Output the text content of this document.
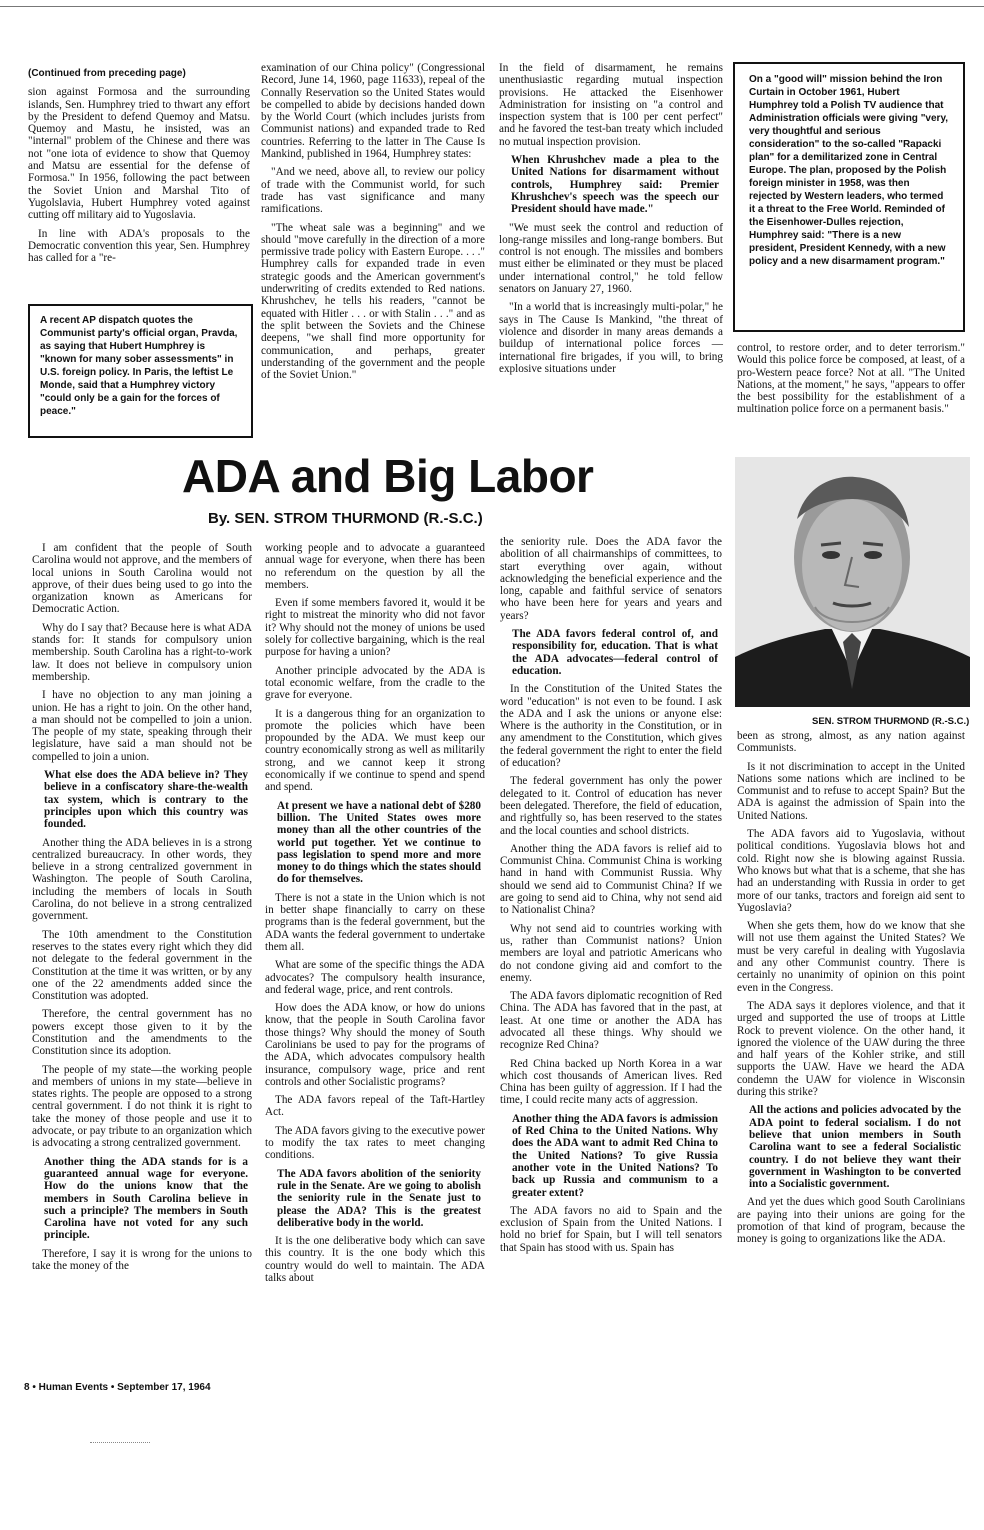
(Continued from preceding page)

sion against Formosa and the surrounding islands, Sen. Humphrey tried to thwart any effort by the President to defend Quemoy and Matsu. Quemoy and Mastu, he insisted, was an "internal" problem of the Chinese and there was not "one iota of evidence to show that Quemoy and Matsu are essential for the defense of Formosa." In 1956, following the pact between the Soviet Union and Marshal Tito of Yugolslavia, Hubert Humphrey voted against cutting off military aid to Yugoslavia.

In line with ADA's proposals to the Democratic convention this year, Sen. Humphrey has called for a "re-

A recent AP dispatch quotes the Communist party's official organ, Pravda, as saying that Hubert Humphrey is "known for many sober assessments" in U.S. foreign policy. In Paris, the leftist Le Monde, said that a Humphrey victory "could only be a gain for the forces of peace."

examination of our China policy" (Congressional Record, June 14, 1960, page 11633), repeal of the Connally Reservation so the United States would be compelled to abide by decisions handed down by the World Court (which includes jurists from Communist nations) and expanded trade to Red countries. Referring to the latter in The Cause Is Mankind, published in 1964, Humphrey states:

"And we need, above all, to review our policy of trade with the Communist world, for such trade has vast significance and many ramifications.

"The wheat sale was a beginning" and we should "move carefully in the direction of a more permissive trade policy with Eastern Europe. . . ." Humphrey calls for expanded trade in even strategic goods and the American government's underwriting of credits extended to Red nations. Khrushchev, he tells his readers, "cannot be equated with Hitler . . . or with Stalin . . ." and as the split between the Soviets and the Chinese deepens, "we shall find more opportunity for communication, and perhaps, greater understanding of the government and the people of the Soviet Union."

In the field of disarmament, he remains unenthusiastic regarding mutual inspection provisions. He attacked the Eisenhower Administration for insisting on "a control and inspection system that is 100 per cent perfect" and he favored the test-ban treaty which included no mutual inspection provision.

When Khrushchev made a plea to the United Nations for disarmament without controls, Humphrey said: Premier Khrushchev's speech was the speech our President should have made."

"We must seek the control and reduction of long-range missiles and long-range bombers. But control is not enough. The missiles and bombers must either be eliminated or they must be placed under international control," he told fellow senators on January 27, 1960.

"In a world that is increasingly multi-polar," he says in The Cause Is Mankind, "the threat of violence and disorder in many areas demands a buildup of international police forces —international fire brigades, if you will, to bring explosive situations under

On a "good will" mission behind the Iron Curtain in October 1961, Hubert Humphrey told a Polish TV audience that Administration officials were giving "very, very thoughtful and serious consideration" to the so-called "Rapacki plan" for a demilitarized zone in Central Europe. The plan, proposed by the Polish foreign minister in 1958, was then rejected by Western leaders, who termed it a threat to the Free World. Reminded of the Eisenhower-Dulles rejection, Humphrey said: "There is a new president, President Kennedy, with a new policy and a new disarmament program."

control, to restore order, and to deter terrorism." Would this police force be composed, at least, of a pro-Western peace force? Not at all. "The United Nations, at the moment," he says, "appears to offer the best possibility for the establishment of a multination police force on a permanent basis."

ADA and Big Labor
By. SEN. STROM THURMOND (R.-S.C.)
SEN. STROM THURMOND (R.-S.C.)

I am confident that the people of South Carolina would not approve, and the members of local unions in South Carolina would not approve, of their dues being used to go into the organization known as Americans for Democratic Action.

Why do I say that? Because here is what ADA stands for: It stands for compulsory union membership. South Carolina has a right-to-work law. It does not believe in compulsory union membership.

I have no objection to any man joining a union. He has a right to join. On the other hand, a man should not be compelled to join a union. The people of my state, speaking through their legislature, have said a man should not be compelled to join a union.

What else does the ADA believe in? They believe in a confiscatory share-the-wealth tax system, which is contrary to the principles upon which this country was founded.

Another thing the ADA believes in is a strong centralized bureaucracy. In other words, they believe in a strong centralized government in Washington. The people of South Carolina, including the members of locals in South Carolina, do not believe in a strong centralized government.

The 10th amendment to the Constitution reserves to the states every right which they did not delegate to the federal government in the Constitution at the time it was written, or by any one of the 22 amendments added since the Constitution was adopted.

Therefore, the central government has no powers except those given to it by the Constitution and the amendments to the Constitution since its adoption.

The people of my state—the working people and members of unions in my state—believe in states rights. The people are opposed to a strong central government. I do not think it is right to take the money of those people and use it to advocate, or pay tribute to an organization which is advocating a strong centralized government.

Another thing the ADA stands for is a guaranteed annual wage for everyone. How do the unions know that the members in South Carolina believe in such a principle? The members in South Carolina have not voted for any such principle.

Therefore, I say it is wrong for the unions to take the money of the

working people and to advocate a guaranteed annual wage for everyone, when there has been no referendum on the question by all the members.

Even if some members favored it, would it be right to mistreat the minority who did not favor it? Why should not the money of unions be used solely for collective bargaining, which is the real purpose for having a union?

Another principle advocated by the ADA is total economic welfare, from the cradle to the grave for everyone.

It is a dangerous thing for an organization to promote the policies which have been propounded by the ADA. We must keep our country economically strong as well as militarily strong, and we cannot keep it strong economically if we continue to spend and spend and spend.

At present we have a national debt of $280 billion. The United States owes more money than all the other countries of the world put together. Yet we continue to pass legislation to spend more and more money to do things which the states should do for themselves.

There is not a state in the Union which is not in better shape financially to carry on these programs than is the federal government, but the ADA wants the federal government to undertake them all.

What are some of the specific things the ADA advocates? The compulsory health insurance, and federal wage, price, and rent controls.

How does the ADA know, or how do unions know, that the people in South Carolina favor those things? Why should the money of South Carolinians be used to pay for the programs of the ADA, which advocates compulsory health insurance, compulsory wage, price and rent controls and other Socialistic programs?

The ADA favors repeal of the Taft-Hartley Act.

The ADA favors giving to the executive power to modify the tax rates to meet changing conditions.

The ADA favors abolition of the seniority rule in the Senate. Are we going to abolish the seniority rule in the Senate just to please the ADA? This is the greatest deliberative body in the world.

It is the one deliberative body which can save this country. It is the one body which this country would do well to maintain. The ADA talks about

the seniority rule. Does the ADA favor the abolition of all chairmanships of committees, to start everything over again, without acknowledging the beneficial experience and the long, capable and faithful service of senators who have been here for years and years and years?

The ADA favors federal control of, and responsibility for, education. That is what the ADA advocates—federal control of education.

In the Constitution of the United States the word "education" is not even to be found. I ask the ADA and I ask the unions or anyone else: Where is the authority in the Constitution, or in any amendment to the Constitution, which gives the federal government the right to enter the field of education?

The federal government has only the power delegated to it. Control of education has never been delegated. Therefore, the field of education, and rightfully so, has been reserved to the states and the local counties and school districts.

Another thing the ADA favors is relief aid to Communist China. Communist China is working hand in hand with Communist Russia. Why should we send aid to Communist China? If we are going to send aid to China, why not send aid to Nationalist China?

Why not send aid to countries working with us, rather than Communist nations? Union members are loyal and patriotic Americans who do not condone giving aid and comfort to the enemy.

The ADA favors diplomatic recognition of Red China. The ADA has favored that in the past, at least. At one time or another the ADA has advocated all these things. Why should we recognize Red China?

Red China backed up North Korea in a war which cost thousands of American lives. Red China has been guilty of aggression. If I had the time, I could recite many acts of aggression.

Another thing the ADA favors is admission of Red China to the United Nations. Why does the ADA want to admit Red China to the United Nations? To give Russia another vote in the United Nations? To back up Russia and communism to a greater extent?

The ADA favors no aid to Spain and the exclusion of Spain from the United Nations. I hold no brief for Spain, but I will tell senators that Spain has stood with us. Spain has

been as strong, almost, as any nation against Communists.

Is it not discrimination to accept in the United Nations some nations which are inclined to be Communist and to refuse to accept Spain? But the ADA is against the admission of Spain into the United Nations.

The ADA favors aid to Yugoslavia, without political conditions. Yugoslavia blows hot and cold. Right now she is blowing against Russia. Who knows but what that is a scheme, that she has had an understanding with Russia in order to get more of our tanks, tractors and foreign aid sent to Yugoslavia?

When she gets them, how do we know that she will not use them against the United States? We must be very careful in dealing with Yugoslavia and any other Communist country. There is certainly no unanimity of opinion on this point even in the Congress.

The ADA says it deplores violence, and that it urged and supported the use of troops at Little Rock to prevent violence. On the other hand, it ignored the violence of the UAW during the three and half years of the Kohler strike, and still supports the UAW. Have we heard the ADA condemn the UAW for violence in Wisconsin during this strike?

All the actions and policies advocated by the ADA point to federal socialism. I do not believe that union members in South Carolina want to see a federal Socialistic country. I do not believe they want their government in Washington to be converted into a Socialistic government.

And yet the dues which good South Carolinians are paying into their unions are going for the promotion of that kind of program, because the money is going to organizations like the ADA.

8 • Human Events • September 17, 1964
